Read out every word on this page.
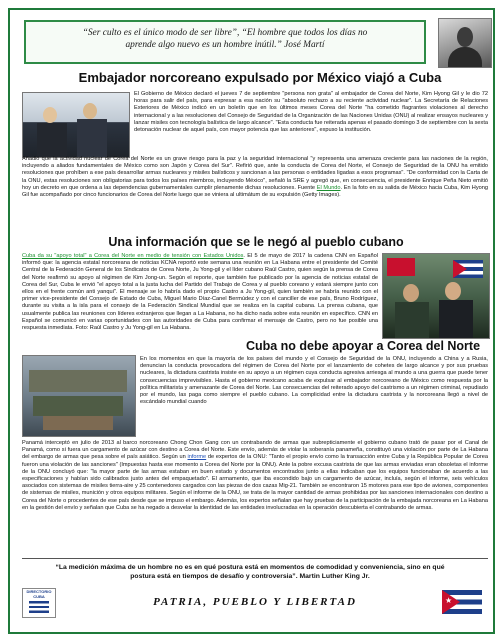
“Ser culto es el único modo de ser libre”, “El hombre que todos los días no
aprende algo nuevo es un hombre inútil.” José Martí
Embajador norcoreano expulsado por México viajó a Cuba
El Gobierno de México declaró el jueves 7 de septiembre "persona non grata" al embajador de Corea del Norte, Kim Hyong Gil y le dio 72 horas para salir del país, para expresar a esa nación su "absoluto rechazo a su reciente actividad nuclear". La Secretaría de Relaciones Exteriores de México indicó en un boletín que en los últimos meses Corea del Norte "ha cometido flagrantes violaciones al derecho internacional y a las resoluciones del Consejo de Seguridad de la Organización de las Naciones Unidas (ONU) al realizar ensayos nucleares y lanzar misiles con tecnología balística de largo alcance". "Esta conducta fue reiterada apenas el pasado domingo 3 de septiembre con la sexta detonación nuclear de aquel país, con mayor potencia que las anteriores", expuso la institución.
Añadió que la actividad nuclear de Corea del Norte es un grave riesgo para la paz y la seguridad internacional "y representa una amenaza creciente para las naciones de la región, incluyendo a aliados fundamentales de México como son Japón y Corea del Sur". Refirió que, ante la conducta de Corea del Norte, el Consejo de Seguridad de la ONU ha emitido resoluciones que prohíben a ese país desarrollar armas nucleares y misiles balísticos y sancionan a las personas o entidades ligadas a esos programas". "De conformidad con la Carta de la ONU, estas resoluciones son obligatorias para todos los países miembros, incluyendo México", señaló la SRE y agregó que, en consecuencia, el presidente Enrique Peña Nieto emitió hoy un decreto en que ordena a las dependencias gubernamentales cumplir plenamente dichas resoluciones. Fuente El Mundo. En la foto en su salida de México hacia Cuba, Kim Hyong Gil fue acompañado por cinco funcionarios de Corea del Norte luego que se viniera al ultimátum de su expulsión (Getty Images).
Una información que se le negó al pueblo cubano
Cuba da su "apoyo total" a Corea del Norte en medio de tensión con Estados Unidos. El 5 de mayo de 2017 la cadena CNN en Español informó que: la agencia estatal norcoreana de noticias KCNA reportó este semana una reunión en La Habana entre el presidente del Comité Central de la Federación General de los Sindicatos de Corea Norte, Ju Yong-gil y el líder cubano Raúl Castro, quien según la prensa de Corea del Norte reafirmó su apoyo al régimen de Kim Jong-un. Según el reporte, que también fue publicado por la agencia de noticias estatal de Corea del Sur, Cuba le envió "el apoyo total a la justa lucha del Partido del Trabajo de Corea y al pueblo coreano y estará siempre junto con ellos en el frente común anti yanqui". El mensaje se lo habría dado el propio Castro a Ju Yong-gil, quien también se habría reunido con el primer vice-presidente del Consejo de Estado de Cuba, Miguel Mario Díaz-Canel Bermúdez y con el canciller de ese país, Bruno Rodríguez, durante su visita a la isla para el consejo de la Federación Sindical Mundial que se realiza en la capital cubana. La prensa cubana, que usualmente publica las reuniones con líderes extranjeros que llegan a La Habana, no ha dicho nada sobre esta reunión en específico. CNN en Español se comunicó en varias oportunidades con las autoridades de Cuba para confirmar el mensaje de Castro, pero no fue posible una respuesta inmediata. Foto: Raúl Castro y Ju Yong-gil en La Habana.
Cuba no debe apoyar a Corea del Norte
En los momentos en que la mayoría de los países del mundo y el Consejo de Seguridad de la ONU, incluyendo a China y a Rusia, denuncian la conducta provocadora del régimen de Corea del Norte por el lanzamiento de cohetes de largo alcance y por sus pruebas nucleares, la dictadura castrista insiste en su apoyo a un régimen cuya conducta agresiva arriesga al mundo a una guerra que puede tener consecuencias imprevisibles. Hasta el gobierno mexicano acaba de expulsar al embajador norcoreano de México como respuesta por la política militarista y amenazante de Corea del Norte. Las consecuencias del reiterado apoyo del castrismo a un régimen criminal, repudiado por el mundo, las paga como siempre el pueblo cubano. La complicidad entre la dictadura castrista y la norcoreana llegó a nivel de escándalo mundial cuando
Panamá interceptó en julio de 2013 al barco norcoreano Chong Chon Gang con un contrabando de armas que subrepticiamente el gobierno cubano trató de pasar por el Canal de Panamá, como si fuera un cargamento de azúcar con destino a Corea del Norte. Este envío, además de violar la soberanía panameña, constituyó una violación por parte de La Habana del embargo de armas que pesa sobre el país asiático. Según un informe de expertos de la ONU: "Tanto el propio envío como la transacción entre Cuba y la República Popular de Corea fueron una violación de las sanciones" (Impuestas hasta ese momento a Corea del Norte por la ONU). Ante la pobre excusa castrista de que las armas enviadas eran obsoletas el informe de la ONU concluyó que: "la mayor parte de las armas estaban en buen estado y documentos encontrados junto a ellas indicaban que los equipos funcionaban de acuerdo a las especificaciones y habían sido calibrados justo antes del empaquetado". El armamento, que iba escondido bajo un cargamento de azúcar, incluía, según el informe, seis vehículos asociados con sistemas de misiles tierra-aire y 25 contenedores cargados con las piezas de dos cazas Mig-21. También se encontraron 15 motores para ese tipo de aviones, componentes de sistemas de misiles, munición y otros equipos militares. Según el informe de la ONU, se trata de la mayor cantidad de armas prohibidas por las sanciones internacionales con destino a Corea del Norte o procedentes de ese país desde que se impuso el embargo. Además, los expertos señalan que hay pruebas de la participación de la embajada norcoreana en La Habana en la gestión del envío y señalan que Cuba se ha negado a desvelar la identidad de las entidades involucradas en la operación descubierta el contrabando de armas.
“La medición máxima de un hombre no es en qué postura está en momentos de comodidad y conveniencia, sino en qué
postura está en tiempos de desafío y controversia”. Martin Luther King Jr.
DIRECTORIO CUBA	PATRIA, PUEBLO Y LIBERTAD	★
